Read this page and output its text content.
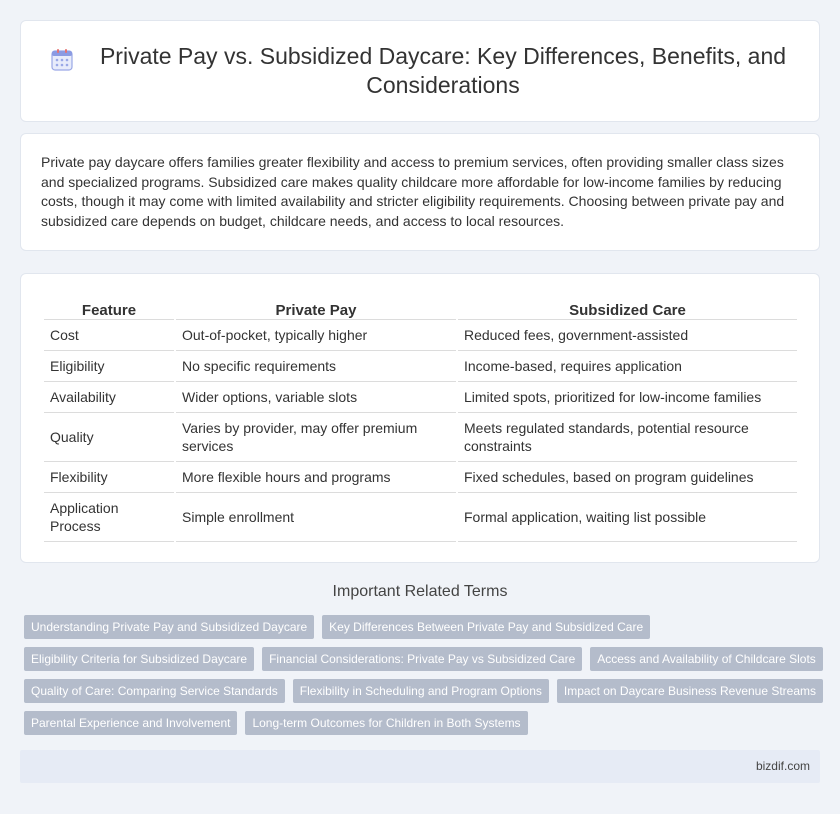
Private Pay vs. Subsidized Daycare: Key Differences, Benefits, and Considerations

Private pay daycare offers families greater flexibility and access to premium services, often providing smaller class sizes and specialized programs. Subsidized care makes quality childcare more affordable for low-income families by reducing costs, though it may come with limited availability and stricter eligibility requirements. Choosing between private pay and subsidized care depends on budget, childcare needs, and access to local resources.

Feature	Private Pay	Subsidized Care
Cost	Out-of-pocket, typically higher	Reduced fees, government-assisted
Eligibility	No specific requirements	Income-based, requires application
Availability	Wider options, variable slots	Limited spots, prioritized for low-income families
Quality	Varies by provider, may offer premium services	Meets regulated standards, potential resource constraints
Flexibility	More flexible hours and programs	Fixed schedules, based on program guidelines
Application Process	Simple enrollment	Formal application, waiting list possible
Important Related Terms
Understanding Private Pay and Subsidized Daycare	Key Differences Between Private Pay and Subsidized Care
Eligibility Criteria for Subsidized Daycare	Financial Considerations: Private Pay vs Subsidized Care	Access and Availability of Childcare Slots
Quality of Care: Comparing Service Standards	Flexibility in Scheduling and Program Options	Impact on Daycare Business Revenue Streams
Parental Experience and Involvement	Long-term Outcomes for Children in Both Systems
bizdif.com
